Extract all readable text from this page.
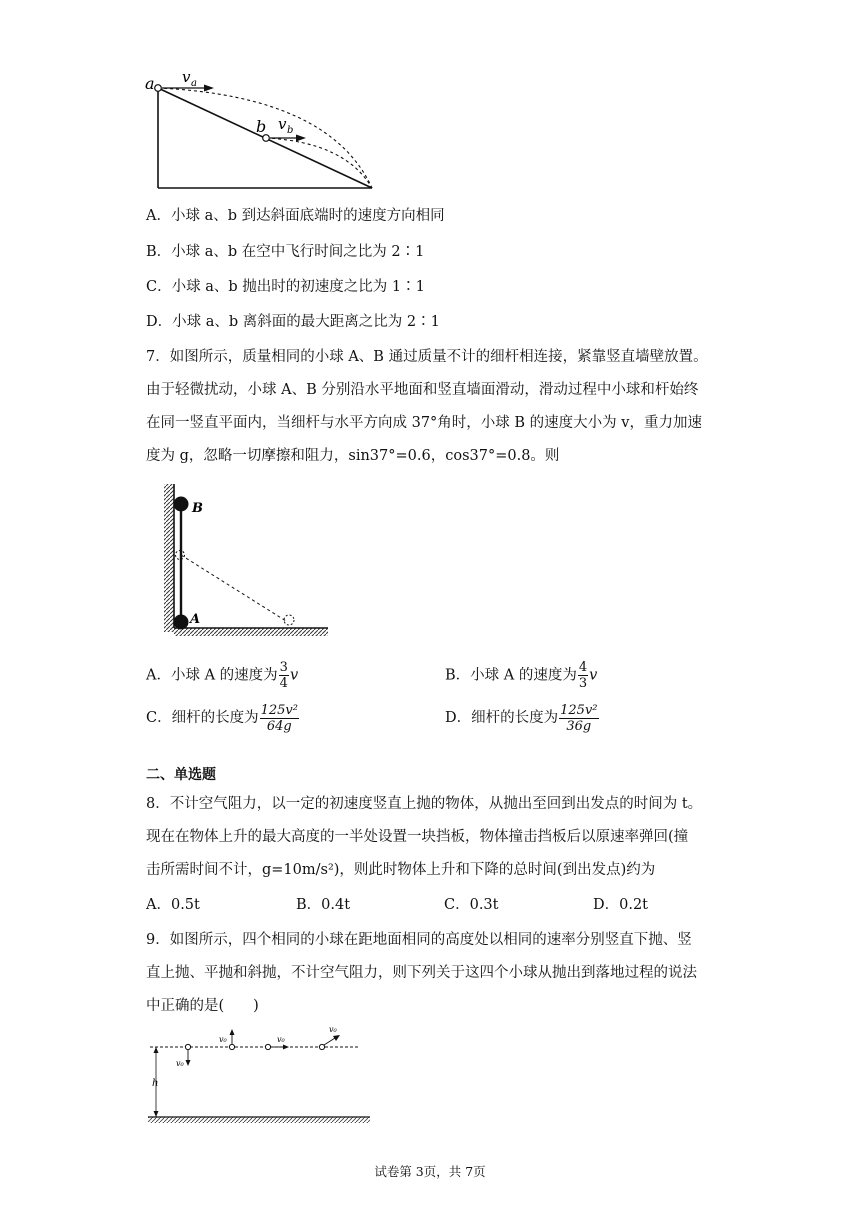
a v a
b v b
A．小球 a、b 到达斜面底端时的速度方向相同
B．小球 a、b 在空中飞行时间之比为 2∶1
C．小球 a、b 抛出时的初速度之比为 1∶1
D．小球 a、b 离斜面的最大距离之比为 2∶1
7．如图所示，质量相同的小球 A、B 通过质量不计的细杆相连接，紧靠竖直墙壁放置。
由于轻微扰动，小球 A、B 分别沿水平地面和竖直墙面滑动，滑动过程中小球和杆始终
在同一竖直平面内，当细杆与水平方向成 37°角时，小球 B 的速度大小为 v，重力加速
度为 g，忽略一切摩擦和阻力，sin37°=0.6，cos37°=0.8。则
B
A
A．小球 A 的速度为 $\frac{3}{4}$ v	B．小球 A 的速度为 $\frac{4}{3}$ v
C．细杆的长度为 $\frac{\text{125v²}}{64g}$	D．细杆的长度为 $\frac{\text{125v²}}{36g}$
二、单选题
8．不计空气阻力，以一定的初速度竖直上抛的物体，从抛出至回到出发点的时间为 t。
现在在物体上升的最大高度的一半处设置一块挡板，物体撞击挡板后以原速率弹回(撞
击所需时间不计，g=10m/s²)，则此时物体上升和下降的总时间(到出发点)约为
A．0.5t	B．0.4t	C．0.3t	D．0.2t
9．如图所示，四个相同的小球在距地面相同的高度处以相同的速率分别竖直下抛、竖
直上抛、平抛和斜抛，不计空气阻力，则下列关于这四个小球从抛出到落地过程的说法
中正确的是(　　)
h
v₀
v₀	v₀
v₀
试卷第 3页，共 7页
